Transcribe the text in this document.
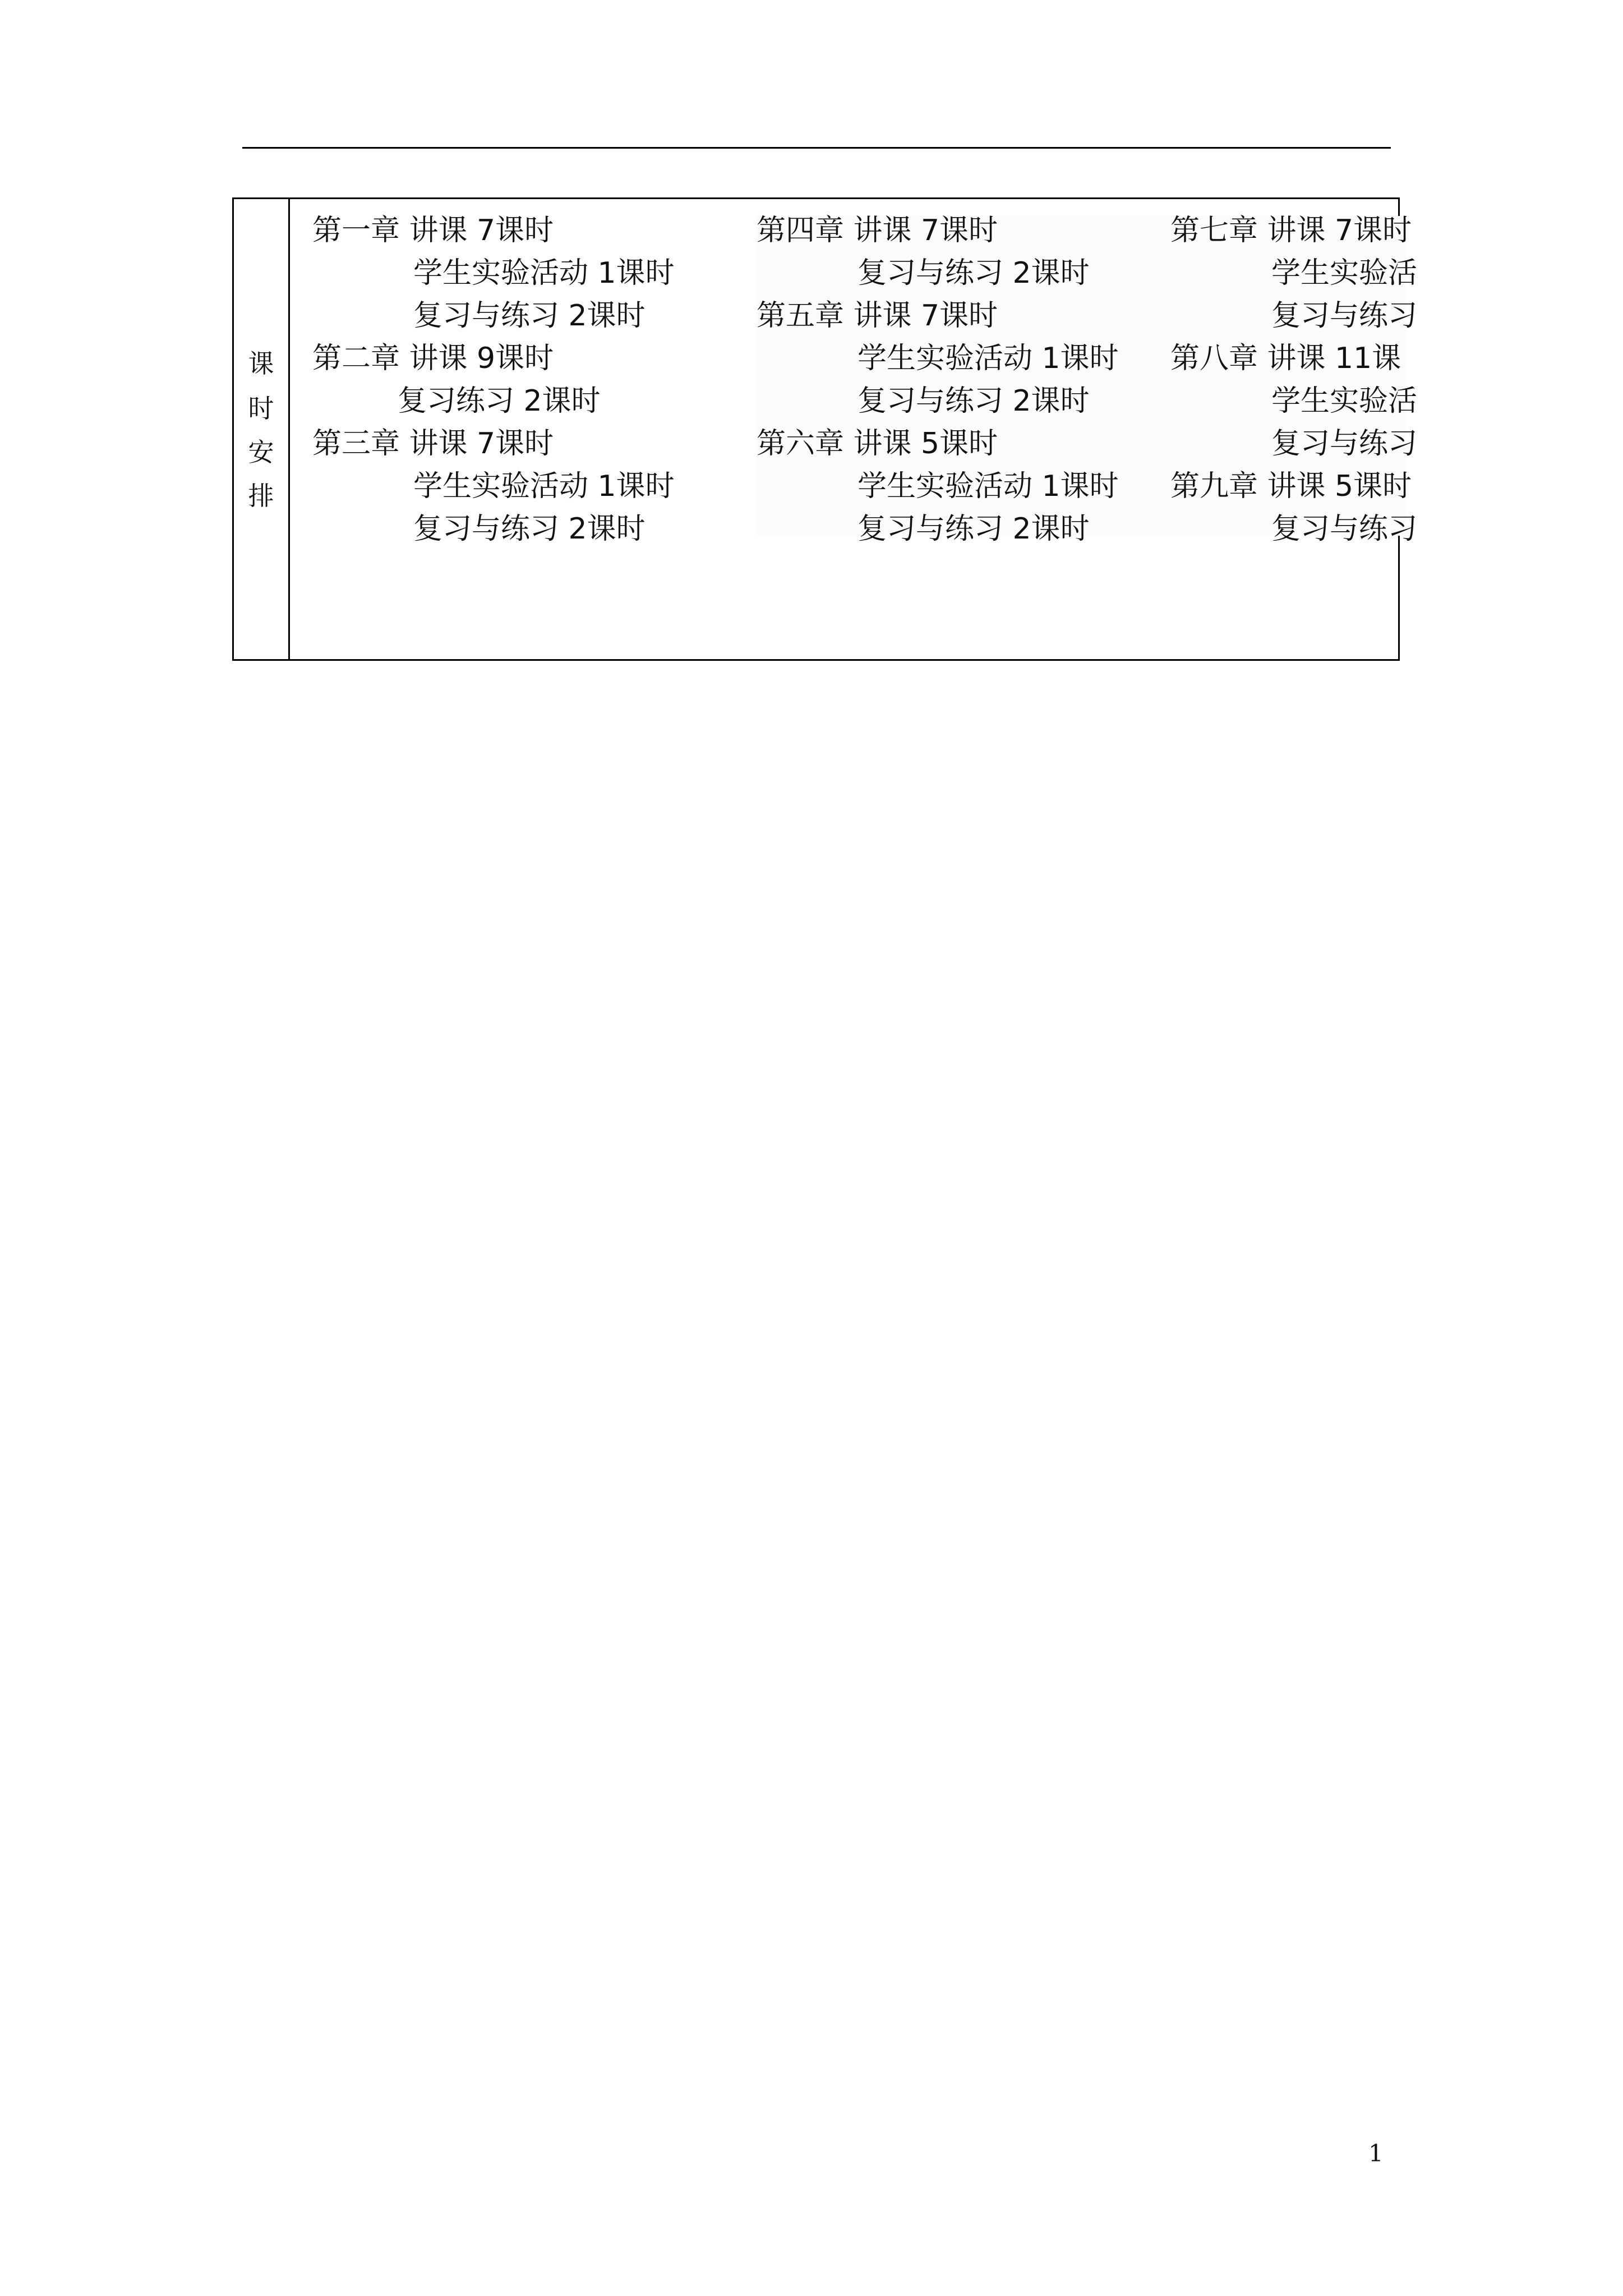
课
时
安
排
第一章 讲课 7课时
学生实验活动 1课时
复习与练习 2课时
第二章 讲课 9课时
复习练习 2课时
第三章 讲课 7课时
学生实验活动 1课时
复习与练习 2课时
第四章 讲课 7课时
复习与练习 2课时
第五章 讲课 7课时
学生实验活动 1课时
复习与练习 2课时
第六章 讲课 5课时
学生实验活动 1课时
复习与练习 2课时
第七章 讲课 7课时
学生实验活
复习与练习
第八章 讲课 11课
学生实验活
复习与练习
第九章 讲课 5课时
复习与练习
1
